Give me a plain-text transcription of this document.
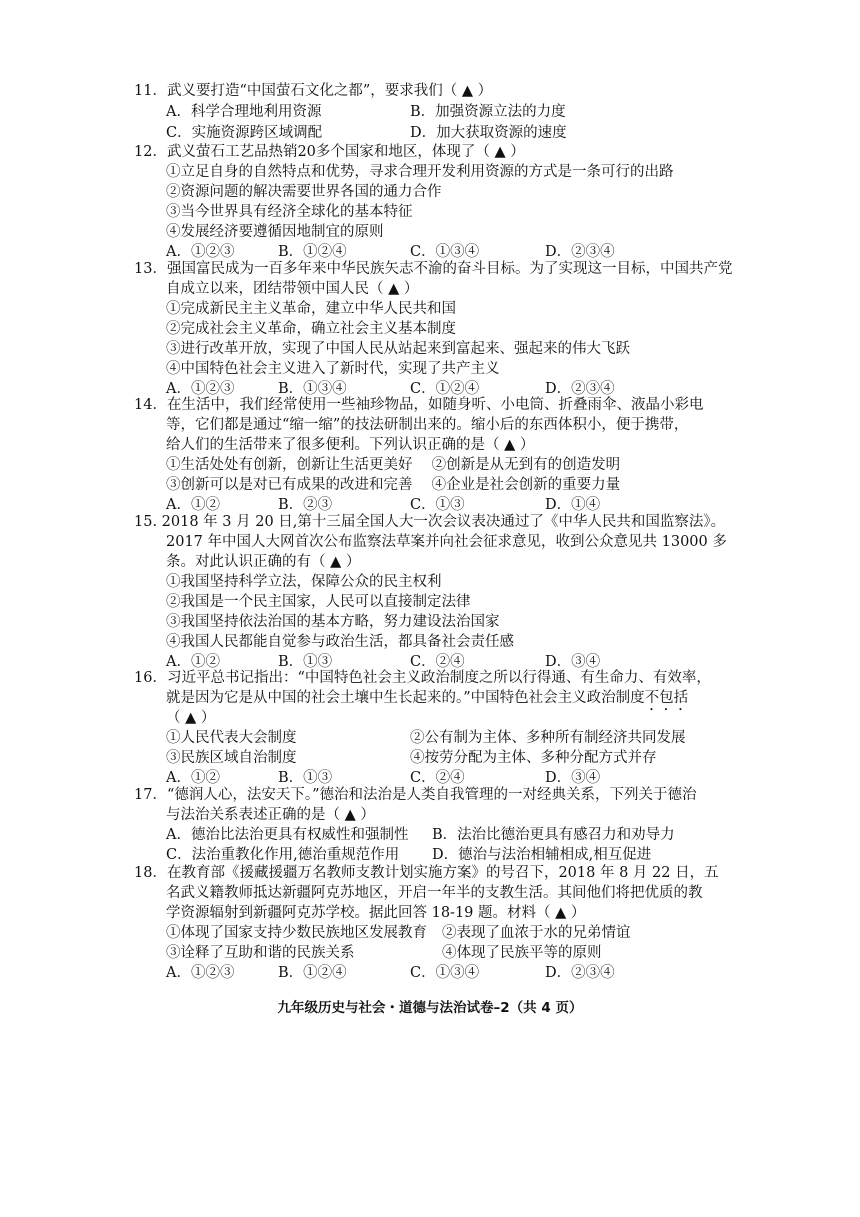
11．武义要打造“中国萤石文化之都”，要求我们（ ▲ ）
A．科学合理地利用资源	B．加强资源立法的力度
C．实施资源跨区域调配	D．加大获取资源的速度
12．武义萤石工艺品热销20多个国家和地区，体现了（ ▲ ）
①立足自身的自然特点和优势，寻求合理开发利用资源的方式是一条可行的出路
②资源问题的解决需要世界各国的通力合作
③当今世界具有经济全球化的基本特征
④发展经济要遵循因地制宜的原则
A．①②③	B．①②④	C．①③④	D．②③④
13．强国富民成为一百多年来中华民族矢志不渝的奋斗目标。为了实现这一目标，中国共产党
自成立以来，团结带领中国人民（ ▲ ）
①完成新民主主义革命，建立中华人民共和国
②完成社会主义革命，确立社会主义基本制度
③进行改革开放，实现了中国人民从站起来到富起来、强起来的伟大飞跃
④中国特色社会主义进入了新时代，实现了共产主义
A．①②③	B．①③④	C．①②④	D．②③④
14．在生活中，我们经常使用一些袖珍物品，如随身听、小电筒、折叠雨伞、液晶小彩电
等，它们都是通过“缩一缩”的技法研制出来的。缩小后的东西体积小，便于携带，
给人们的生活带来了很多便利。下列认识正确的是（ ▲ ）
①生活处处有创新，创新让生活更美好　 ②创新是从无到有的创造发明
③创新可以是对已有成果的改进和完善　 ④企业是社会创新的重要力量
A．①②	B．②③	C．①③	D．①④
15. 2018 年 3 月 20 日,第十三届全国人大一次会议表决通过了《中华人民共和国监察法》。
2017 年中国人大网首次公布监察法草案并向社会征求意见，收到公众意见共 13000 多
条。对此认识正确的有（ ▲ ）
①我国坚持科学立法，保障公众的民主权利
②我国是一个民主国家，人民可以直接制定法律
③我国坚持依法治国的基本方略，努力建设法治国家
④我国人民都能自觉参与政治生活，都具备社会责任感
A．①②	B．①③	C．②④	D．③④
16．习近平总书记指出：“中国特色社会主义政治制度之所以行得通、有生命力、有效率，
就是因为它是从中国的社会土壤中生长起来的。”中国特色社会主义政治制度不包括
（ ▲ ）
①人民代表大会制度	②公有制为主体、多种所有制经济共同发展
③民族区域自治制度	④按劳分配为主体、多种分配方式并存
A．①②	B．①③	C．②④	D．③④
17．“德润人心，法安天下。”德治和法治是人类自我管理的一对经典关系，下列关于德治
与法治关系表述正确的是（ ▲ ）
A．德治比法治更具有权威性和强制性 B．法治比德治更具有感召力和劝导力
C．法治重教化作用,德治重规范作用 D．德治与法治相辅相成,相互促进
18．在教育部《援藏援疆万名教师支教计划实施方案》的号召下，2018 年 8 月 22 日，五
名武义籍教师抵达新疆阿克苏地区，开启一年半的支教生活。其间他们将把优质的教
学资源辐射到新疆阿克苏学校。据此回答 18-19 题。材料（ ▲ ）
①体现了国家支持少数民族地区发展教育 ②表现了血浓于水的兄弟情谊
③诠释了互助和谐的民族关系	④体现了民族平等的原则
A．①②③	B．①②④	C．①③④	D．②③④
九年级历史与社会・道德与法治试卷–2（共 4 页）
